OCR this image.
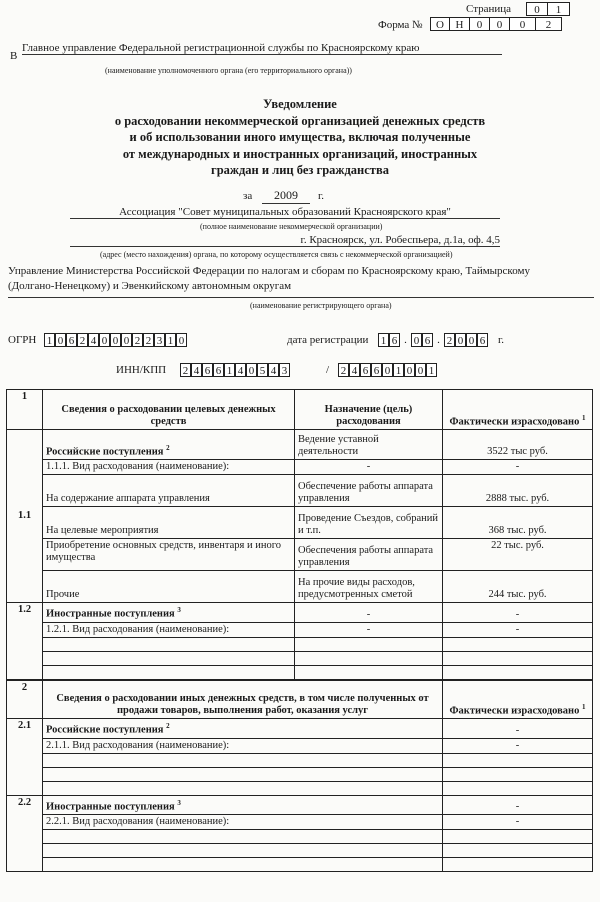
Страница	0	1
Форма №	О	Н	0	0	0	2
В
Главное управление Федеральной регистрационной службы по Красноярскому краю
(наименование уполномоченного органа (его территориального органа))
Уведомление
о расходовании некоммерческой организацией денежных средств
и об использовании иного имущества, включая полученные
от международных и иностранных организаций, иностранных
граждан и лиц без гражданства
за	2009	г.
Ассоциация "Совет муниципальных образований Красноярского края"
(полное наименование некоммерческой организации)
г. Красноярск, ул. Робеспьера, д.1а, оф. 4,5
(адрес (место нахождения) органа, по которому осуществляется связь с некоммерческой организацией)
Управление Министерства Российской Федерации по налогам и сборам по Красноярскому краю, Таймырскому
(Долгано-Ненецкому) и Эвенкийскому автономным округам
(наименование регистрирующего органа)
ОГРН 1 0 6 2 4 0 0 0 2 2 3 1 0	дата регистрации 1 6 . 0 6 . 2 0 0 6 г.
ИНН/КПП 2 4 6 6 1 4 0 5 4 3	/ 2 4 6 6 0 1 0 0 1
1	Сведения о расходовании целевых денежных средств	Назначение (цель) расходования	Фактически израсходовано $^1$
1.1	Российские поступления $^2$	Ведение уставной деятельности	3522 тыс руб.
	1.1.1. Вид расходования (наименование):	-	-
	На содержание аппарата управления	Обеспечение работы аппарата управления	2888 тыс. руб.
	На целевые мероприятия	Проведение Съездов, собраний и т.п.	368 тыс. руб.
	Приобретение основных средств, инвентаря и иного имущества	Обеспечения работы аппарата управления	22 тыс. руб.
	Прочие	На прочие виды расходов, предусмотренных сметой	244 тыс. руб.
1.2	Иностранные поступления $^3$	-	-
	1.2.1. Вид расходования (наименование):	-	-

2	Сведения о расходовании иных денежных средств, в том числе полученных от продажи товаров, выполнения работ, оказания услуг	Фактически израсходовано $^1$
2.1	Российские поступления $^2$	-
	2.1.1. Вид расходования (наименование):	-

2.2	Иностранные поступления $^3$	-
	2.2.1. Вид расходования (наименование):	-
